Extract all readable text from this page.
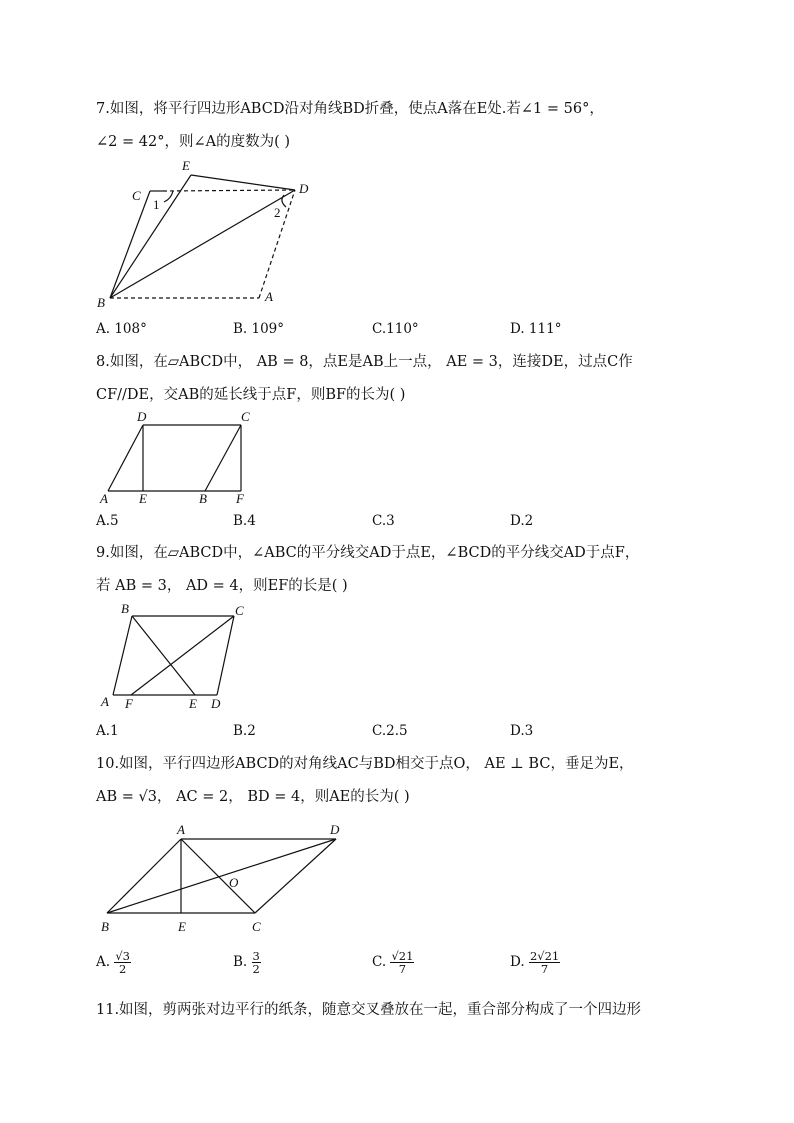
7.如图，将平行四边形ABCD沿对角线BD折叠，使点A落在E处.若∠1 = 56°，
∠2 = 42°，则∠A的度数为( )
E
C	D
B	A
1
2
A. 108°	B. 109°	C.110°	D. 111°
8.如图，在▱ABCD中， AB = 8，点E是AB上一点， AE = 3，连接DE，过点C作
CF//DE，交AB的延长线于点F，则BF的长为( )
D	C
A E	B F
A.5	B.4	C.3	D.2
9.如图，在▱ABCD中，∠ABC的平分线交AD于点E，∠BCD的平分线交AD于点F，
若 AB = 3， AD = 4，则EF的长是( )
B	C
A F	E D
A.1	B.2	C.2.5	D.3
10.如图，平行四边形ABCD的对角线AC与BD相交于点O， AE ⊥ BC，垂足为E，
AB = √3， AC = 2， BD = 4，则AE的长为( )
A	D
O
B	E	C
A. $\frac{√3}{2}$	B. $\frac{3}{2}$	C. $\frac{√21}{7}$	D. $\frac{2√21}{7}$
11.如图，剪两张对边平行的纸条，随意交叉叠放在一起，重合部分构成了一个四边形
